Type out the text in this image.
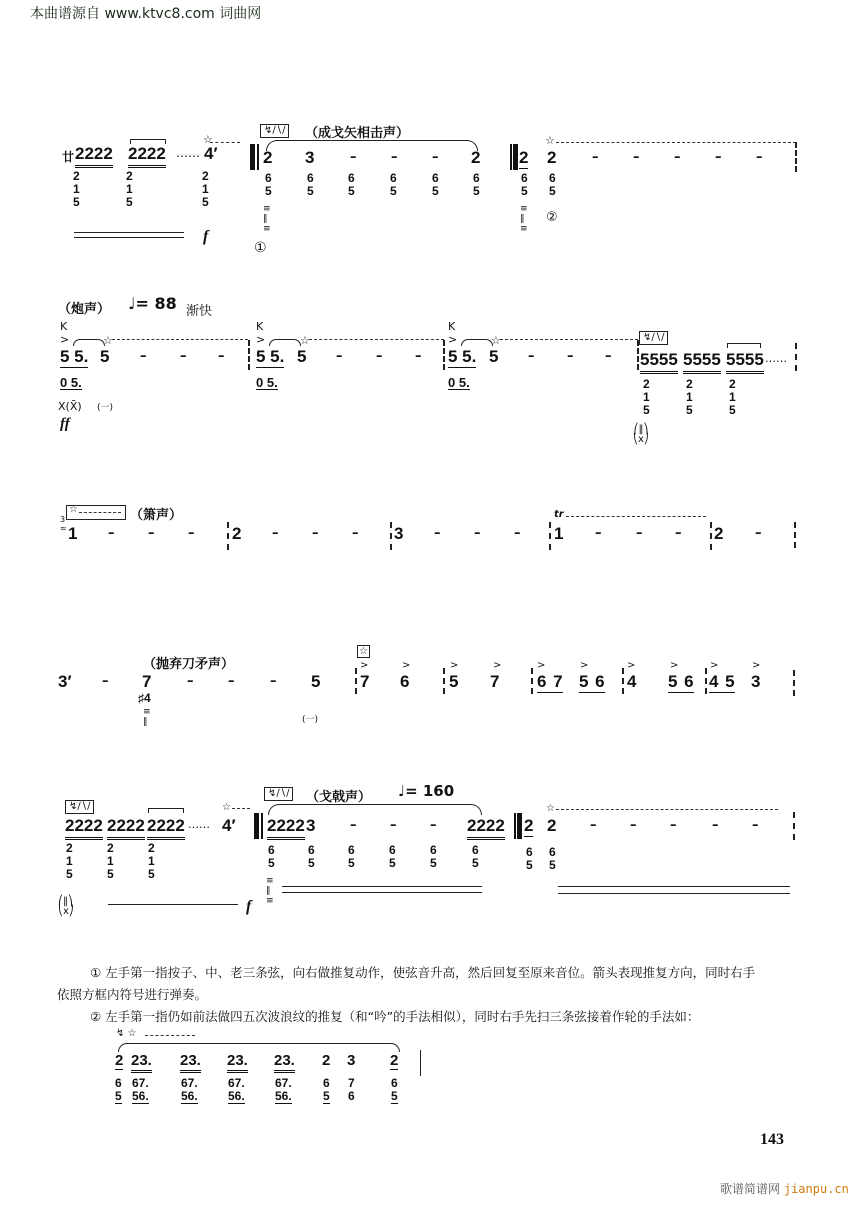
本曲谱源自 www.ktvc8.com 词曲网
廿 2222 2222 …… 4′
☆
2
1
5
2
1
5
2
1
5
f
↯∕∖∕	（成戈矢相击声）
2 3	–	–	– 2
6
5
6
5
6
5
6
5
6
5
6
5
≡
‖
≡
①
2
6
5
≡
‖
≡
☆
2	–	–	–	–	–
6
5
②
（炮声） ♩= 88 渐快
K
>
5 5. 5
☆
–	– –
0 5.
X(X̄) (一)
ff
K
>
5 5. 5
☆
–	–	–
0 5.
K
>
5 5. 5
☆
–	– –
0 5.
↯∕∖∕
5555 5555 5555 ……
2
1
5
2
1
5
2
1
5
⎛‖⎞
⎝x⎠
☆	（箫声）
3
≈ 1 –	–	– 2 –	–	– 3 –	–	–
tr
1 –	–	– 2 –
（抛弃刀矛声）
3′ – 7	–	–	– 5
♯4
≡
‖	(一)
☆
>
7
>
6
>
5
>
7
>
6 7
>
5 6
>
4
>
5 6
>
4 5
>
3
↯∕∖∕
2222 2222 2222 ……
☆
4′
2
1
5
2
1
5
2
1
5
⎛‖⎞
⎝x⎠	f
↯∕∖∕	（戈戟声） ♩= 160
2222 3	–	–	– 2222
6
5
6
5
6
5
6
5
6
5
6
5
≡
‖
≡
2
☆
2	–	–	–	–	–
6
5
6
5
① 左手第一指按子、中、老三条弦，向右做推复动作，使弦音升高，然后回复至原来音位。箭头表现推复方向，同时右手
依照方框内符号进行弹奏。
② 左手第一指仍如前法做四五次波浪纹的推复（和“吟”的手法相似），同时右手先扫三条弦接着作轮的手法如：
↯ ☆
2 23. 23. 23. 23. 2 3 2
6 67.	67.	67.	67.	6 7	6
5 56.	56.	56.	56.	5 6	5
143
歌谱简谱网 jianpu.cn
